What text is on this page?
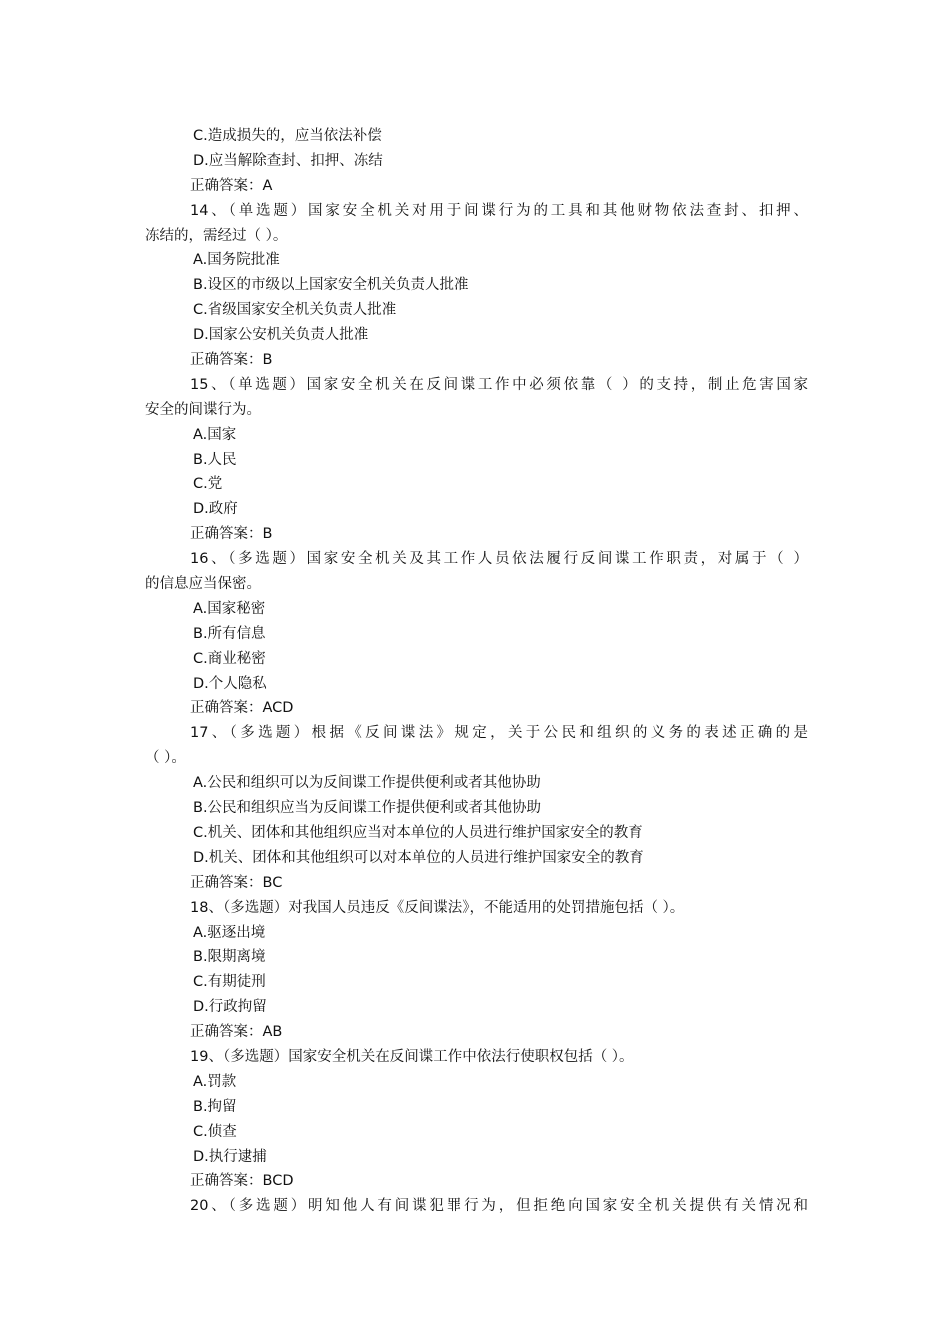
C.造成损失的，应当依法补偿
D.应当解除查封、扣押、冻结
正确答案：A
14、（单选题）国家安全机关对用于间谍行为的工具和其他财物依法查封、扣押、
冻结的，需经过（ ）。
A.国务院批准
B.设区的市级以上国家安全机关负责人批准
C.省级国家安全机关负责人批准
D.国家公安机关负责人批准
正确答案：B
15、（单选题）国家安全机关在反间谍工作中必须依靠（ ）的支持，制止危害国家
安全的间谍行为。
A.国家
B.人民
C.党
D.政府
正确答案：B
16、（多选题）国家安全机关及其工作人员依法履行反间谍工作职责，对属于（ ）
的信息应当保密。
A.国家秘密
B.所有信息
C.商业秘密
D.个人隐私
正确答案：ACD
17、（多选题）根据《反间谍法》规定，关于公民和组织的义务的表述正确的是
（ ）。
A.公民和组织可以为反间谍工作提供便利或者其他协助
B.公民和组织应当为反间谍工作提供便利或者其他协助
C.机关、团体和其他组织应当对本单位的人员进行维护国家安全的教育
D.机关、团体和其他组织可以对本单位的人员进行维护国家安全的教育
正确答案：BC
18、（多选题）对我国人员违反《反间谍法》，不能适用的处罚措施包括（ ）。
A.驱逐出境
B.限期离境
C.有期徒刑
D.行政拘留
正确答案：AB
19、（多选题）国家安全机关在反间谍工作中依法行使职权包括（ ）。
A.罚款
B.拘留
C.侦查
D.执行逮捕
正确答案：BCD
20、（多选题）明知他人有间谍犯罪行为，但拒绝向国家安全机关提供有关情况和
